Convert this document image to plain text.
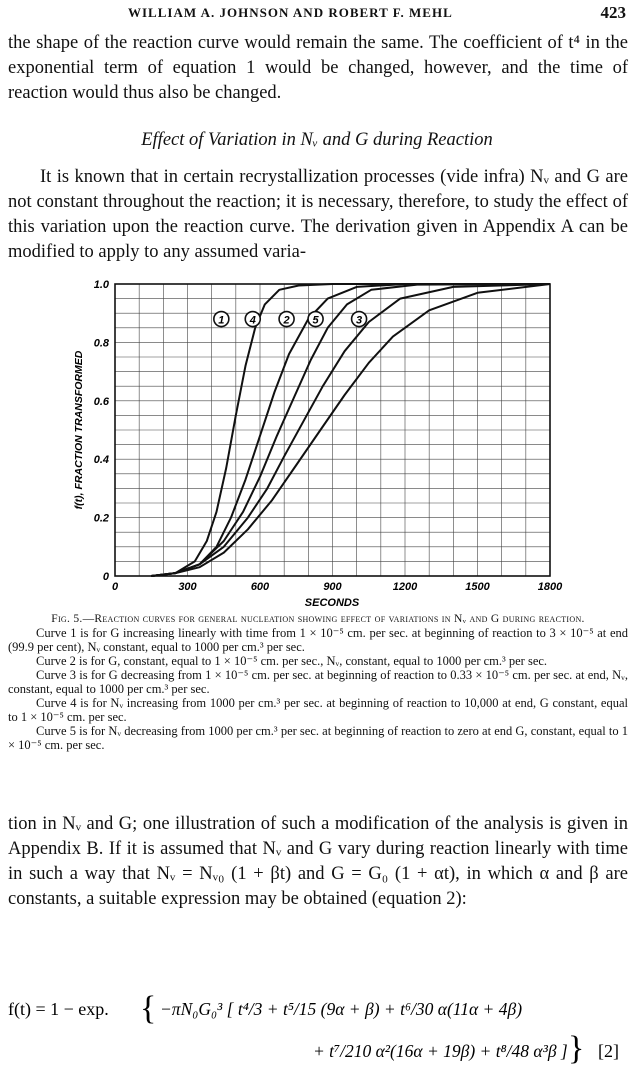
WILLIAM A. JOHNSON AND ROBERT F. MEHL	423
the shape of the reaction curve would remain the same. The coefficient of t⁴ in the exponential term of equation 1 would be changed, however, and the time of reaction would thus also be changed.
Effect of Variation in Nᵥ and G during Reaction
It is known that in certain recrystallization processes (vide infra) Nᵥ and G are not constant throughout the reaction; it is necessary, therefore, to study the effect of this variation upon the reaction curve. The derivation given in Appendix A can be modified to apply to any assumed varia-
1 4	2 5	3
0	300	600	900	1200	1500	1800
0
0.2
0.4
0.6
0.8
1.0
SECONDS
f(t), FRACTION TRANSFORMED
Fig. 5.—Reaction curves for general nucleation showing effect of variations in Nᵥ and G during reaction.
Curve 1 is for G increasing linearly with time from 1 × 10⁻⁵ cm. per sec. at beginning of reaction to 3 × 10⁻⁵ at end (99.9 per cent), Nᵥ constant, equal to 1000 per cm.³ per sec.
Curve 2 is for G, constant, equal to 1 × 10⁻⁵ cm. per sec., Nᵥ, constant, equal to 1000 per cm.³ per sec.
Curve 3 is for G decreasing from 1 × 10⁻⁵ cm. per sec. at beginning of reaction to 0.33 × 10⁻⁵ cm. per sec. at end, Nᵥ, constant, equal to 1000 per cm.³ per sec.
Curve 4 is for Nᵥ increasing from 1000 per cm.³ per sec. at beginning of reaction to 10,000 at end, G constant, equal to 1 × 10⁻⁵ cm. per sec.
Curve 5 is for Nᵥ decreasing from 1000 per cm.³ per sec. at beginning of reaction to zero at end G, constant, equal to 1 × 10⁻⁵ cm. per sec.
tion in Nᵥ and G; one illustration of such a modification of the analysis is given in Appendix B. If it is assumed that Nᵥ and G vary during reaction linearly with time in such a way that Nᵥ = Nᵥ₀ (1 + βt) and G = G₀ (1 + αt), in which α and β are constants, a suitable expression may be obtained (equation 2):
f(t) = 1 − exp. { −πN₀G₀³ [ t⁴/3 + t⁵/15 (9α + β) + t⁶/30 α(11α + 4β)
+ t⁷/210 α²(16α + 19β) + t⁸/48 α³β ] } [2]
